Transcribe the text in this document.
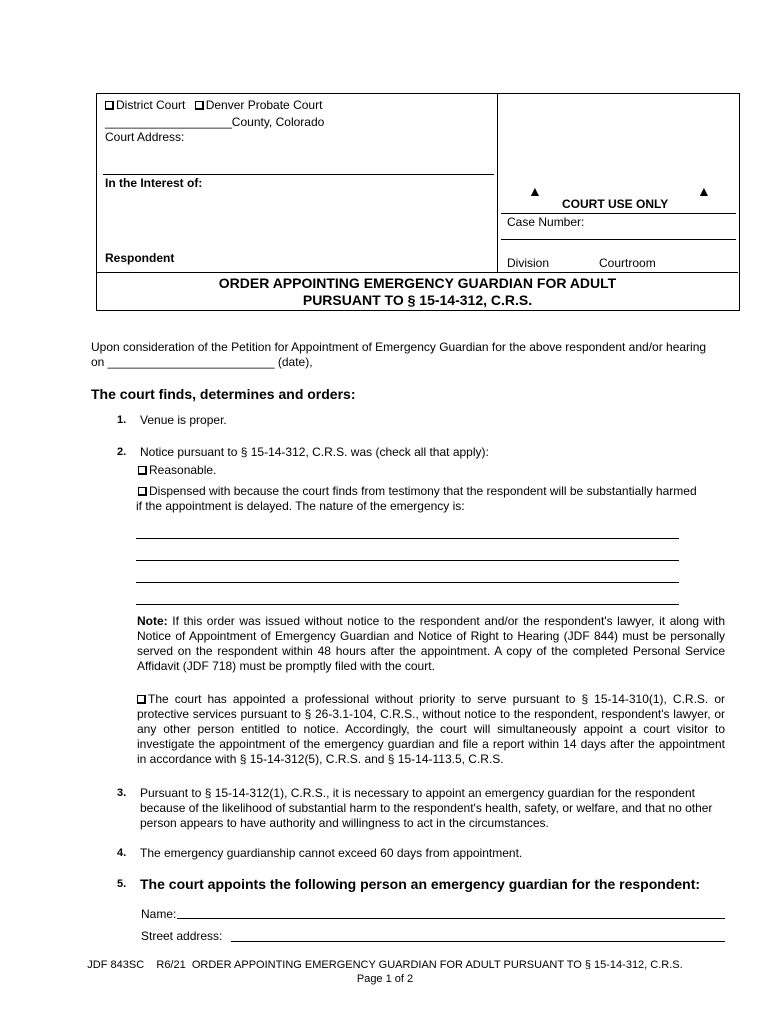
District Court Denver Probate Court
___________________County, Colorado
Court Address:
In the Interest of:
Respondent
▲
COURT USE ONLY
▲
Case Number:
Division	Courtroom
ORDER APPOINTING EMERGENCY GUARDIAN FOR ADULT
PURSUANT TO § 15-14-312, C.R.S.
Upon consideration of the Petition for Appointment of Emergency Guardian for the above respondent and/or hearing
on _________________________ (date),
The court finds, determines and orders:
1. Venue is proper.
2. Notice pursuant to § 15-14-312, C.R.S. was (check all that apply):
Reasonable.
Dispensed with because the court finds from testimony that the respondent will be substantially harmed
if the appointment is delayed. The nature of the emergency is:
Note: If this order was issued without notice to the respondent and/or the respondent's lawyer, it along with Notice of Appointment of Emergency Guardian and Notice of Right to Hearing (JDF 844) must be personally served on the respondent within 48 hours after the appointment. A copy of the completed Personal Service Affidavit (JDF 718) must be promptly filed with the court.
The court has appointed a professional without priority to serve pursuant to § 15-14-310(1), C.R.S. or protective services pursuant to § 26-3.1-104, C.R.S., without notice to the respondent, respondent's lawyer, or any other person entitled to notice. Accordingly, the court will simultaneously appoint a court visitor to investigate the appointment of the emergency guardian and file a report within 14 days after the appointment in accordance with § 15-14-312(5), C.R.S. and § 15-14-113.5, C.R.S.
3. Pursuant to § 15-14-312(1), C.R.S., it is necessary to appoint an emergency guardian for the respondent because of the likelihood of substantial harm to the respondent's health, safety, or welfare, and that no other person appears to have authority and willingness to act in the circumstances.
4. The emergency guardianship cannot exceed 60 days from appointment.
5. The court appoints the following person an emergency guardian for the respondent:
Name:
Street address:
JDF 843SC    R6/21  ORDER APPOINTING EMERGENCY GUARDIAN FOR ADULT PURSUANT TO § 15-14-312, C.R.S.
Page 1 of 2
